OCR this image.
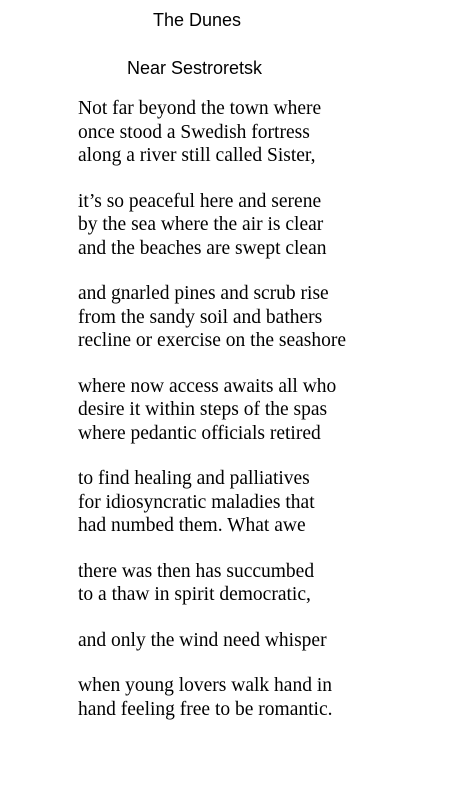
The Dunes
Near Sestroretsk
Not far beyond the town where
once stood a Swedish fortress
along a river still called Sister,
it’s so peaceful here and serene
by the sea where the air is clear
and the beaches are swept clean
and gnarled pines and scrub rise
from the sandy soil and bathers
recline or exercise on the seashore
where now access awaits all who
desire it within steps of the spas
where pedantic officials retired
to find healing and palliatives
for idiosyncratic maladies that
had numbed them. What awe
there was then has succumbed
to a thaw in spirit democratic,
and only the wind need whisper
when young lovers walk hand in
hand feeling free to be romantic.
